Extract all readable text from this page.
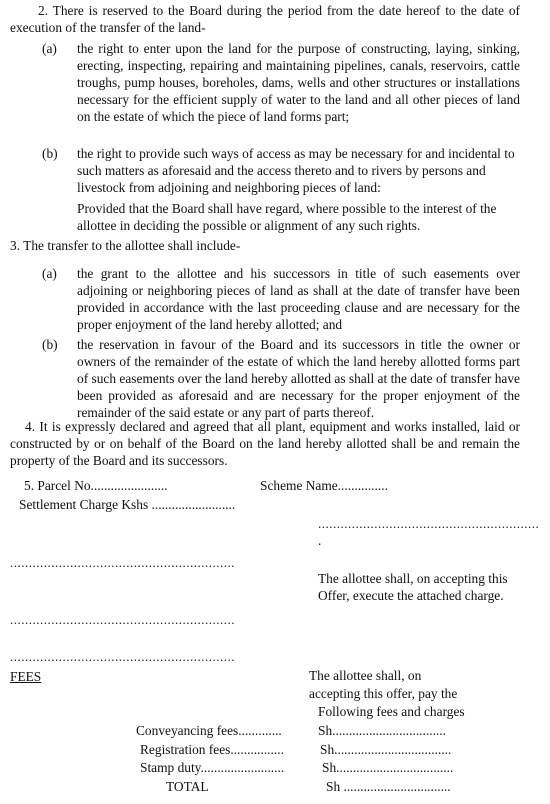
2. There is reserved to the Board during the period from the date hereof to the date of execution of the transfer of the land-

(a) the right to enter upon the land for the purpose of constructing, laying, sinking, erecting, inspecting, repairing and maintaining pipelines, canals, reservoirs, cattle troughs, pump houses, boreholes, dams, wells and other structures or installations necessary for the efficient supply of water to the land and all other pieces of land on the estate of which the piece of land forms part;

(b) the right to provide such ways of access as may be necessary for and incidental to such matters as aforesaid and the access thereto and to rivers by persons and livestock from adjoining and neighboring pieces of land:

Provided that the Board shall have regard, where possible to the interest of the allottee in deciding the possible or alignment of any such rights.

3. The transfer to the allottee shall include-

(a) the grant to the allottee and his successors in title of such easements over adjoining or neighboring pieces of land as shall at the date of transfer have been provided in accordance with the last proceeding clause and are necessary for the proper enjoyment of the land hereby allotted; and

(b) the reservation in favour of the Board and its successors in title the owner or owners of the remainder of the estate of which the land hereby allotted forms part of such easements over the land hereby allotted as shall at the date of transfer have been provided as aforesaid and are necessary for the proper enjoyment of the remainder of the said estate or any part of parts thereof.

4. It is expressly declared and agreed that all plant, equipment and works installed, laid or constructed by or on behalf of the Board on the land hereby allotted shall be and remain the property of the Board and its successors.

5. Parcel No.......................	Scheme Name...............
Settlement Charge Kshs .........................
...........................................................
.
............................................................

The allottee shall, on accepting this Offer, execute the attached charge.

............................................................
............................................................
FEES	The allottee shall, on
accepting this offer, pay the
Following fees and charges
Conveyancing fees.............	Sh..................................
Registration fees................	Sh...................................
Stamp duty.........................	Sh...................................
TOTAL	Sh ................................
